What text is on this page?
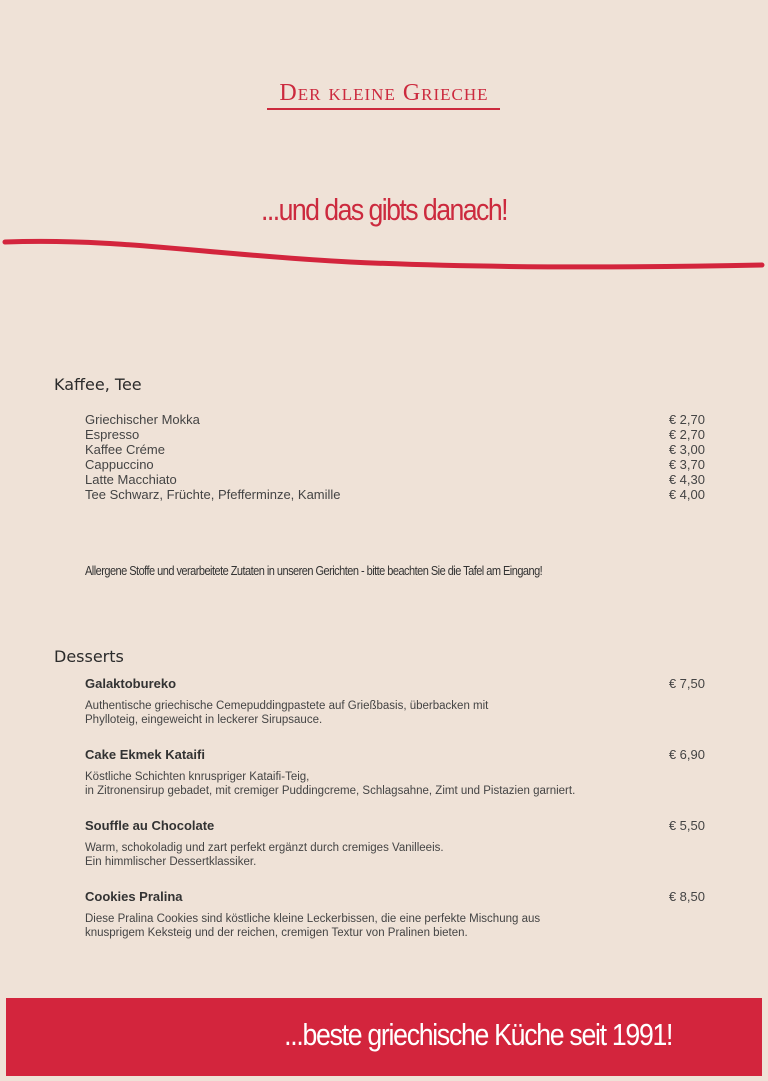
Der kleine Grieche
...und das gibts danach!
Kaffee, Tee
Griechischer Mokka	€ 2,70
Espresso	€ 2,70
Kaffee Créme	€ 3,00
Cappuccino	€ 3,70
Latte Macchiato	€ 4,30
Tee Schwarz, Früchte, Pfefferminze, Kamille	€ 4,00
Allergene Stoffe und verarbeitete Zutaten in unseren Gerichten - bitte beachten Sie die Tafel am Eingang!
Desserts
Galaktobureko	€ 7,50
Authentische griechische Cemepuddingpastete auf Grießbasis, überbacken mit
Phylloteig, eingeweicht in leckerer Sirupsauce.
Cake Ekmek Kataifi	€ 6,90
Köstliche Schichten knruspriger Kataifi-Teig,
in Zitronensirup gebadet, mit cremiger Puddingcreme, Schlagsahne, Zimt und Pistazien garniert.
Souffle au Chocolate	€ 5,50
Warm, schokoladig und zart perfekt ergänzt durch cremiges Vanilleeis.
Ein himmlischer Dessertklassiker.
Cookies Pralina	€ 8,50
Diese Pralina Cookies sind köstliche kleine Leckerbissen, die eine perfekte Mischung aus
knusprigem Keksteig und der reichen, cremigen Textur von Pralinen bieten.
...beste griechische Küche seit 1991!
